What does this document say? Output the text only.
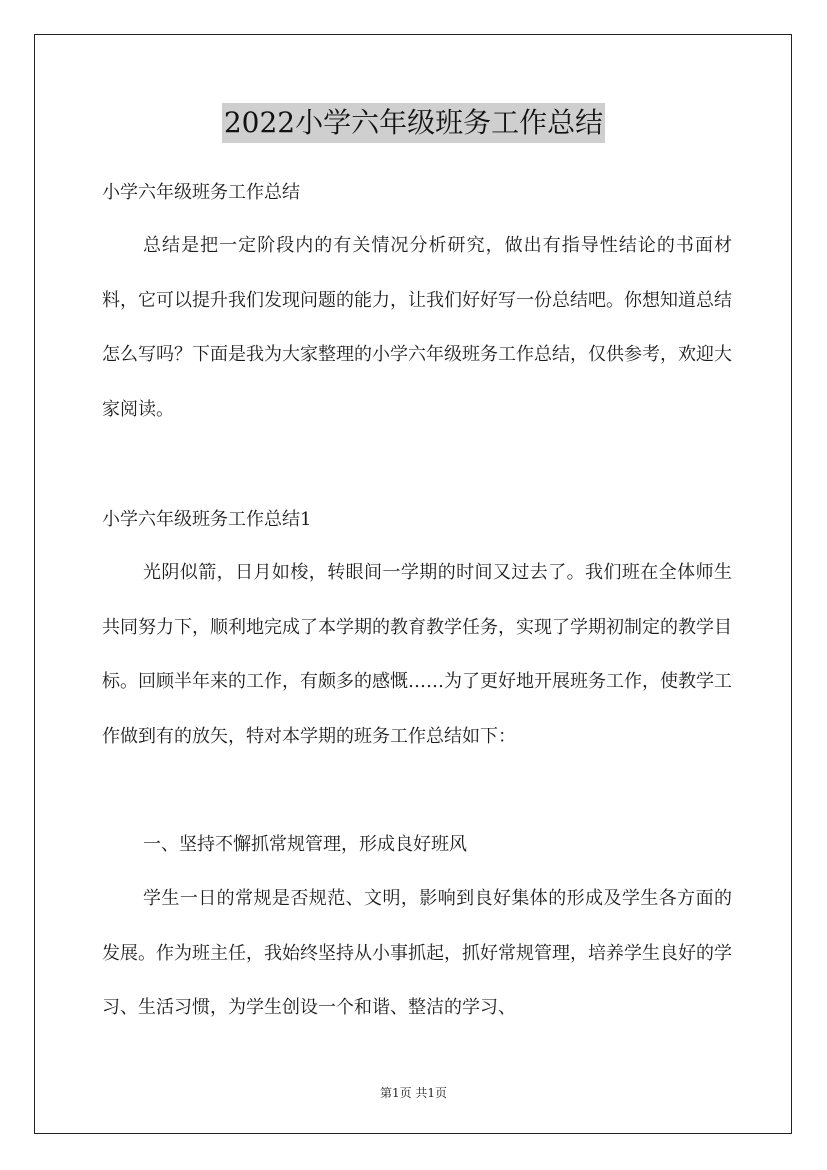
2022小学六年级班务工作总结
小学六年级班务工作总结

总结是把一定阶段内的有关情况分析研究，做出有指导性结论的书面材料，它可以提升我们发现问题的能力，让我们好好写一份总结吧。你想知道总结怎么写吗？下面是我为大家整理的小学六年级班务工作总结，仅供参考，欢迎大家阅读。

小学六年级班务工作总结1

光阴似箭，日月如梭，转眼间一学期的时间又过去了。我们班在全体师生共同努力下，顺利地完成了本学期的教育教学任务，实现了学期初制定的教学目标。回顾半年来的工作，有颇多的感慨……为了更好地开展班务工作，使教学工作做到有的放矢，特对本学期的班务工作总结如下：

一、坚持不懈抓常规管理，形成良好班风

学生一日的常规是否规范、文明，影响到良好集体的形成及学生各方面的发展。作为班主任，我始终坚持从小事抓起，抓好常规管理，培养学生良好的学习、生活习惯，为学生创设一个和谐、整洁的学习、

第1页 共1页
